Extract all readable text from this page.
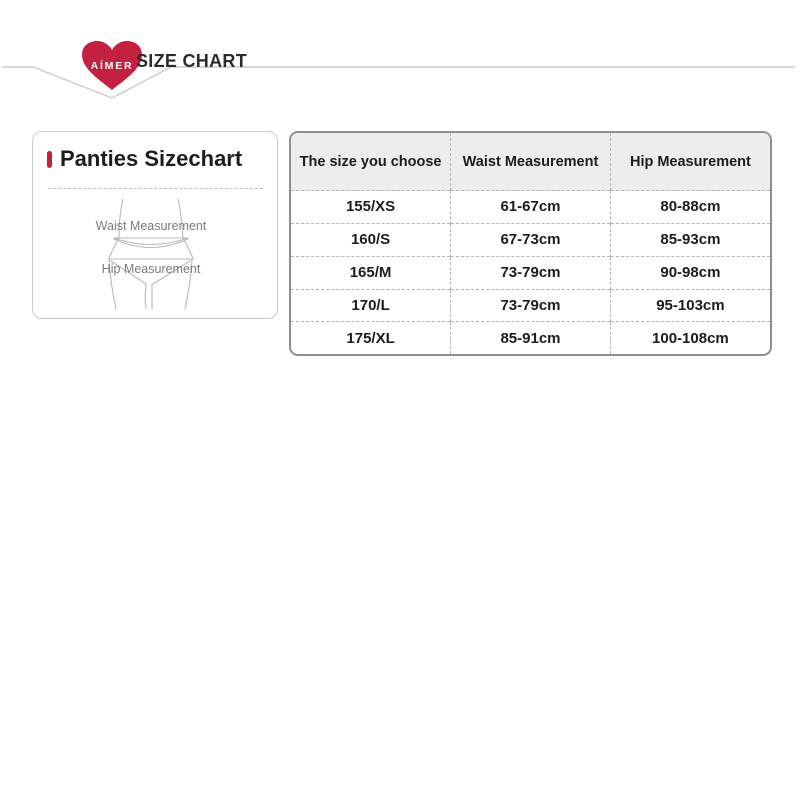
AÍMER SIZE CHART
Panties Sizechart
Waist Measurement
Hip Measurement
The size you choose	Waist Measurement	Hip Measurement
155/XS	61-67cm	80-88cm
160/S	67-73cm	85-93cm
165/M	73-79cm	90-98cm
170/L	73-79cm	95-103cm
175/XL	85-91cm	100-108cm
